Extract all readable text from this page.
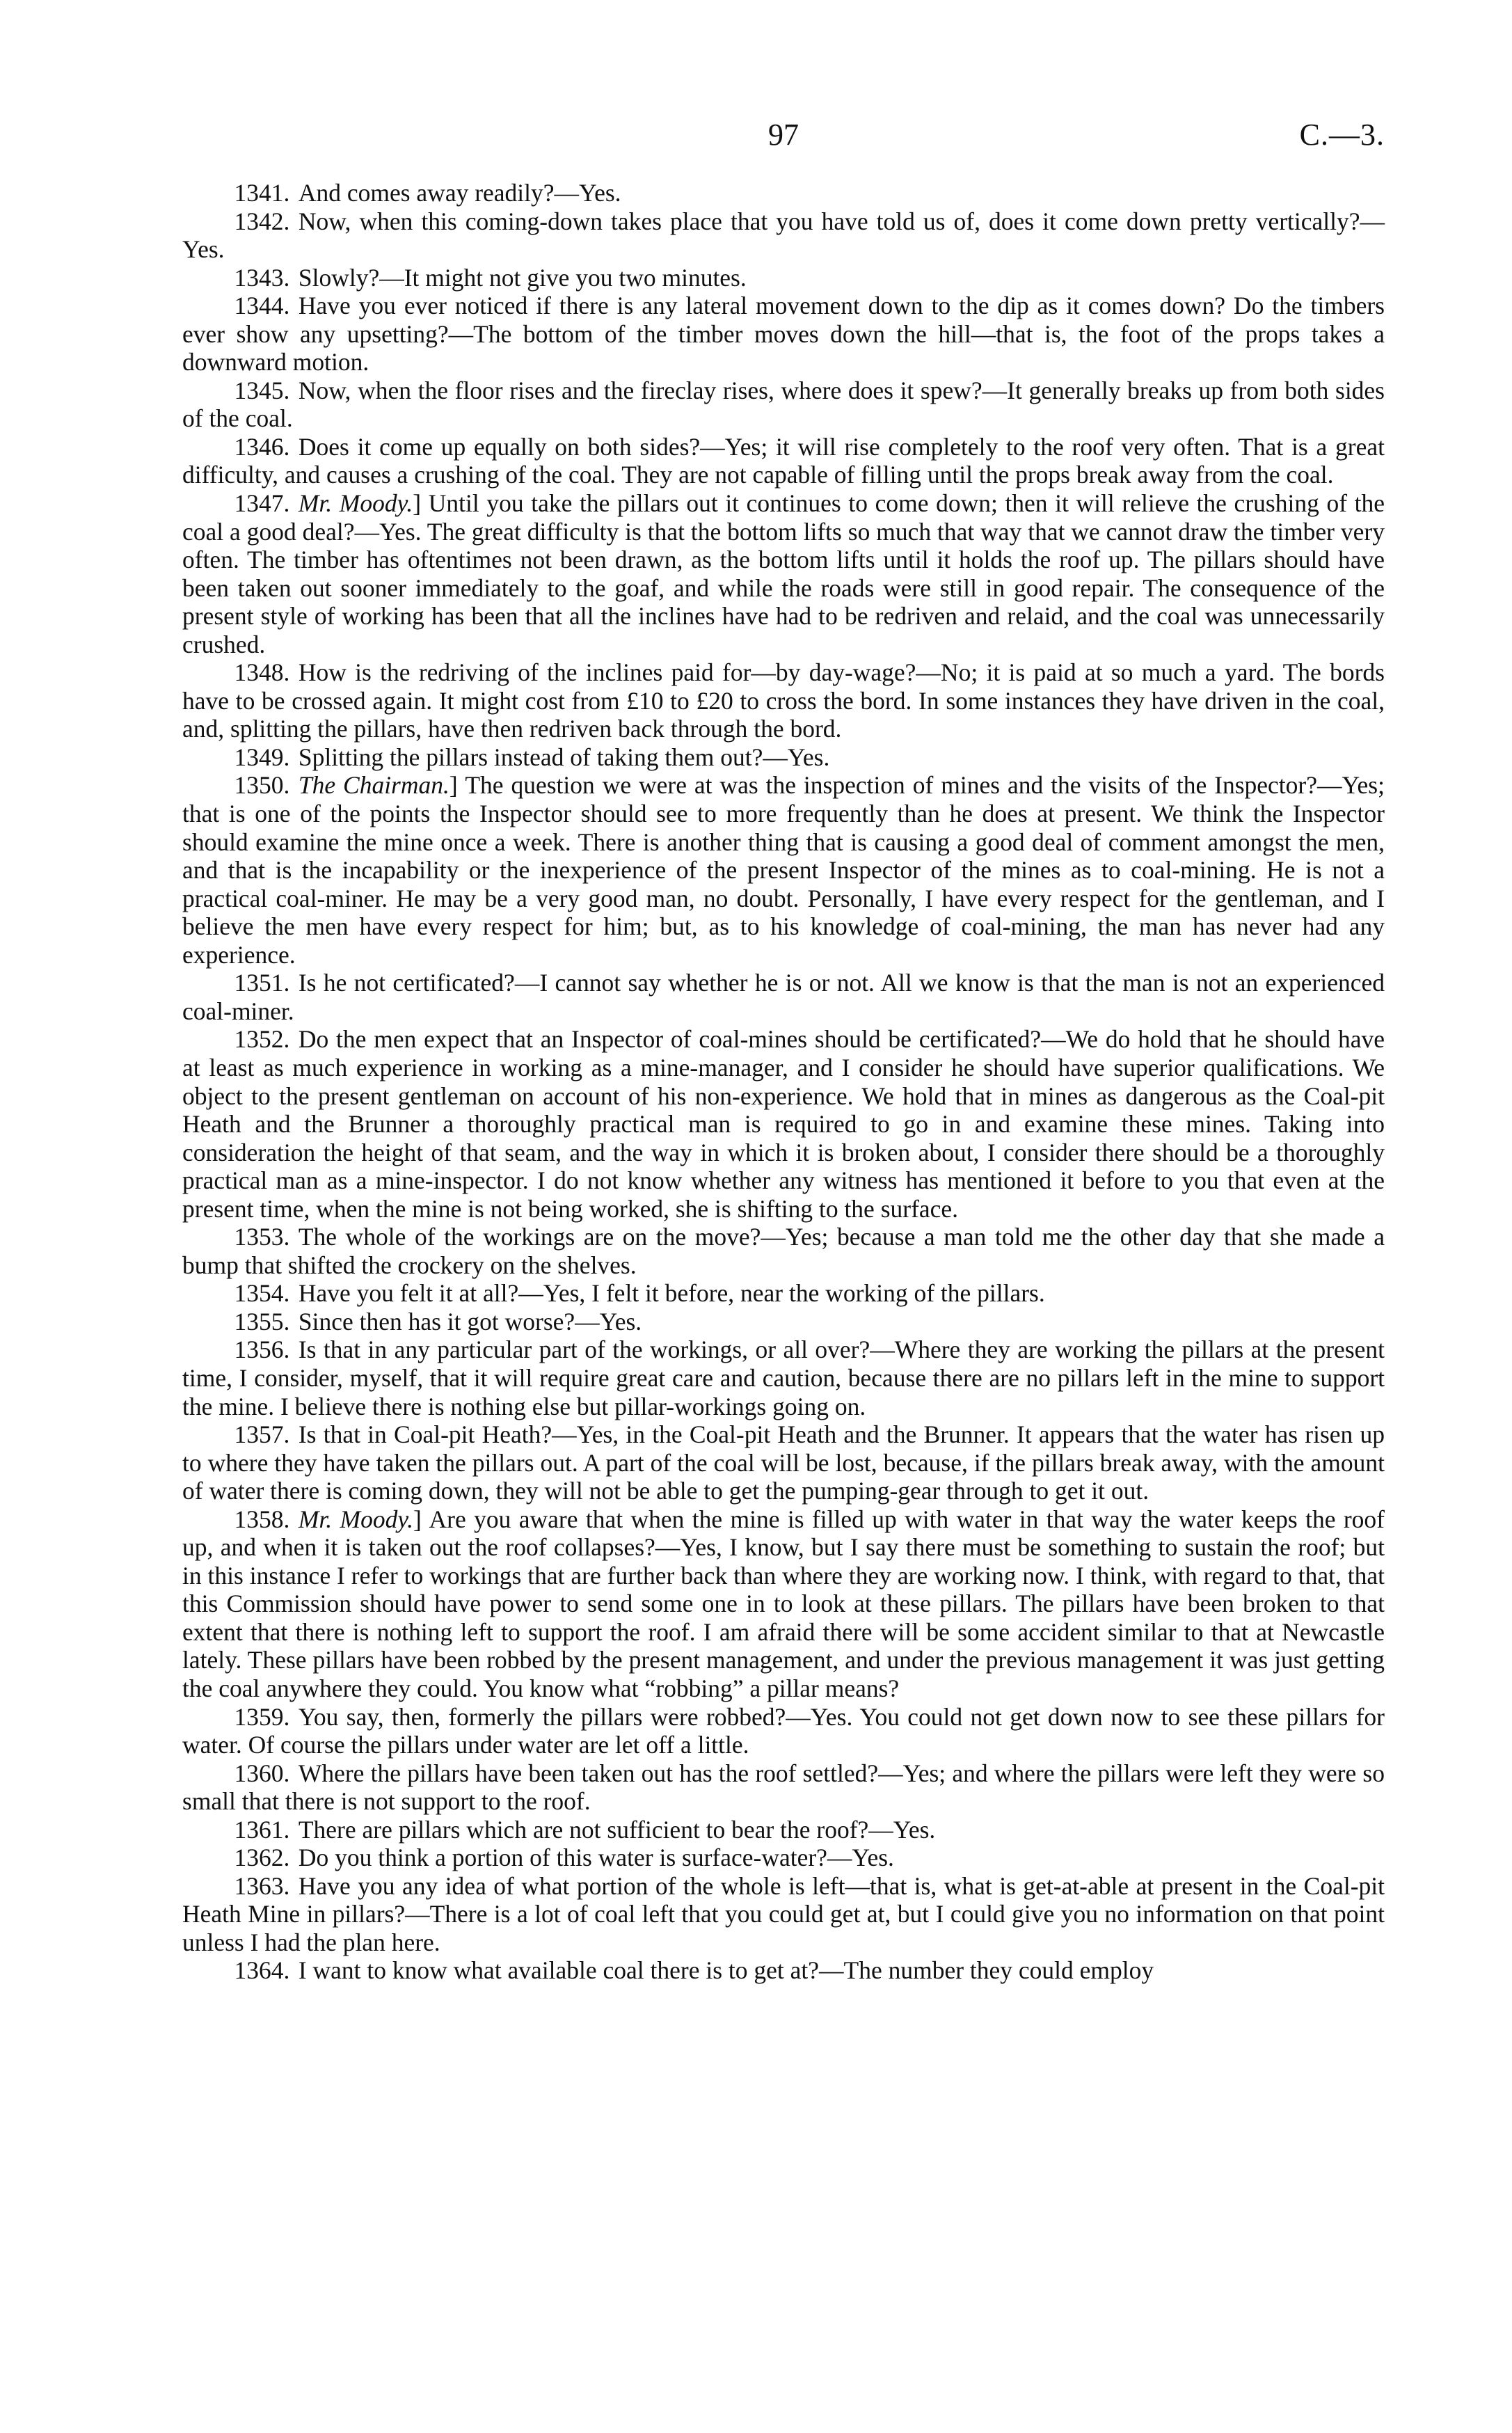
97	C.—3.

1341. And comes away readily?—Yes.

1342. Now, when this coming-down takes place that you have told us of, does it come down pretty vertically?—Yes.

1343. Slowly?—It might not give you two minutes.

1344. Have you ever noticed if there is any lateral movement down to the dip as it comes down? Do the timbers ever show any upsetting?—The bottom of the timber moves down the hill—that is, the foot of the props takes a downward motion.

1345. Now, when the floor rises and the fireclay rises, where does it spew?—It generally breaks up from both sides of the coal.

1346. Does it come up equally on both sides?—Yes; it will rise completely to the roof very often. That is a great difficulty, and causes a crushing of the coal. They are not capable of filling until the props break away from the coal.

1347. Mr. Moody.] Until you take the pillars out it continues to come down; then it will relieve the crushing of the coal a good deal?—Yes. The great difficulty is that the bottom lifts so much that way that we cannot draw the timber very often. The timber has oftentimes not been drawn, as the bottom lifts until it holds the roof up. The pillars should have been taken out sooner immediately to the goaf, and while the roads were still in good repair. The consequence of the present style of working has been that all the inclines have had to be redriven and relaid, and the coal was unnecessarily crushed.

1348. How is the redriving of the inclines paid for—by day-wage?—No; it is paid at so much a yard. The bords have to be crossed again. It might cost from £10 to £20 to cross the bord. In some instances they have driven in the coal, and, splitting the pillars, have then redriven back through the bord.

1349. Splitting the pillars instead of taking them out?—Yes.

1350. The Chairman.] The question we were at was the inspection of mines and the visits of the Inspector?—Yes; that is one of the points the Inspector should see to more frequently than he does at present. We think the Inspector should examine the mine once a week. There is another thing that is causing a good deal of comment amongst the men, and that is the incapability or the inexperience of the present Inspector of the mines as to coal-mining. He is not a practical coal-miner. He may be a very good man, no doubt. Personally, I have every respect for the gentleman, and I believe the men have every respect for him; but, as to his knowledge of coal-mining, the man has never had any experience.

1351. Is he not certificated?—I cannot say whether he is or not. All we know is that the man is not an experienced coal-miner.

1352. Do the men expect that an Inspector of coal-mines should be certificated?—We do hold that he should have at least as much experience in working as a mine-manager, and I consider he should have superior qualifications. We object to the present gentleman on account of his non-experience. We hold that in mines as dangerous as the Coal-pit Heath and the Brunner a thoroughly practical man is required to go in and examine these mines. Taking into consideration the height of that seam, and the way in which it is broken about, I consider there should be a thoroughly practical man as a mine-inspector. I do not know whether any witness has mentioned it before to you that even at the present time, when the mine is not being worked, she is shifting to the surface.

1353. The whole of the workings are on the move?—Yes; because a man told me the other day that she made a bump that shifted the crockery on the shelves.

1354. Have you felt it at all?—Yes, I felt it before, near the working of the pillars.

1355. Since then has it got worse?—Yes.

1356. Is that in any particular part of the workings, or all over?—Where they are working the pillars at the present time, I consider, myself, that it will require great care and caution, because there are no pillars left in the mine to support the mine. I believe there is nothing else but pillar-workings going on.

1357. Is that in Coal-pit Heath?—Yes, in the Coal-pit Heath and the Brunner. It appears that the water has risen up to where they have taken the pillars out. A part of the coal will be lost, because, if the pillars break away, with the amount of water there is coming down, they will not be able to get the pumping-gear through to get it out.

1358. Mr. Moody.] Are you aware that when the mine is filled up with water in that way the water keeps the roof up, and when it is taken out the roof collapses?—Yes, I know, but I say there must be something to sustain the roof; but in this instance I refer to workings that are further back than where they are working now. I think, with regard to that, that this Commission should have power to send some one in to look at these pillars. The pillars have been broken to that extent that there is nothing left to support the roof. I am afraid there will be some accident similar to that at Newcastle lately. These pillars have been robbed by the present management, and under the previous management it was just getting the coal anywhere they could. You know what “robbing” a pillar means?

1359. You say, then, formerly the pillars were robbed?—Yes. You could not get down now to see these pillars for water. Of course the pillars under water are let off a little.

1360. Where the pillars have been taken out has the roof settled?—Yes; and where the pillars were left they were so small that there is not support to the roof.

1361. There are pillars which are not sufficient to bear the roof?—Yes.

1362. Do you think a portion of this water is surface-water?—Yes.

1363. Have you any idea of what portion of the whole is left—that is, what is get-at-able at present in the Coal-pit Heath Mine in pillars?—There is a lot of coal left that you could get at, but I could give you no information on that point unless I had the plan here.

1364. I want to know what available coal there is to get at?—The number they could employ
